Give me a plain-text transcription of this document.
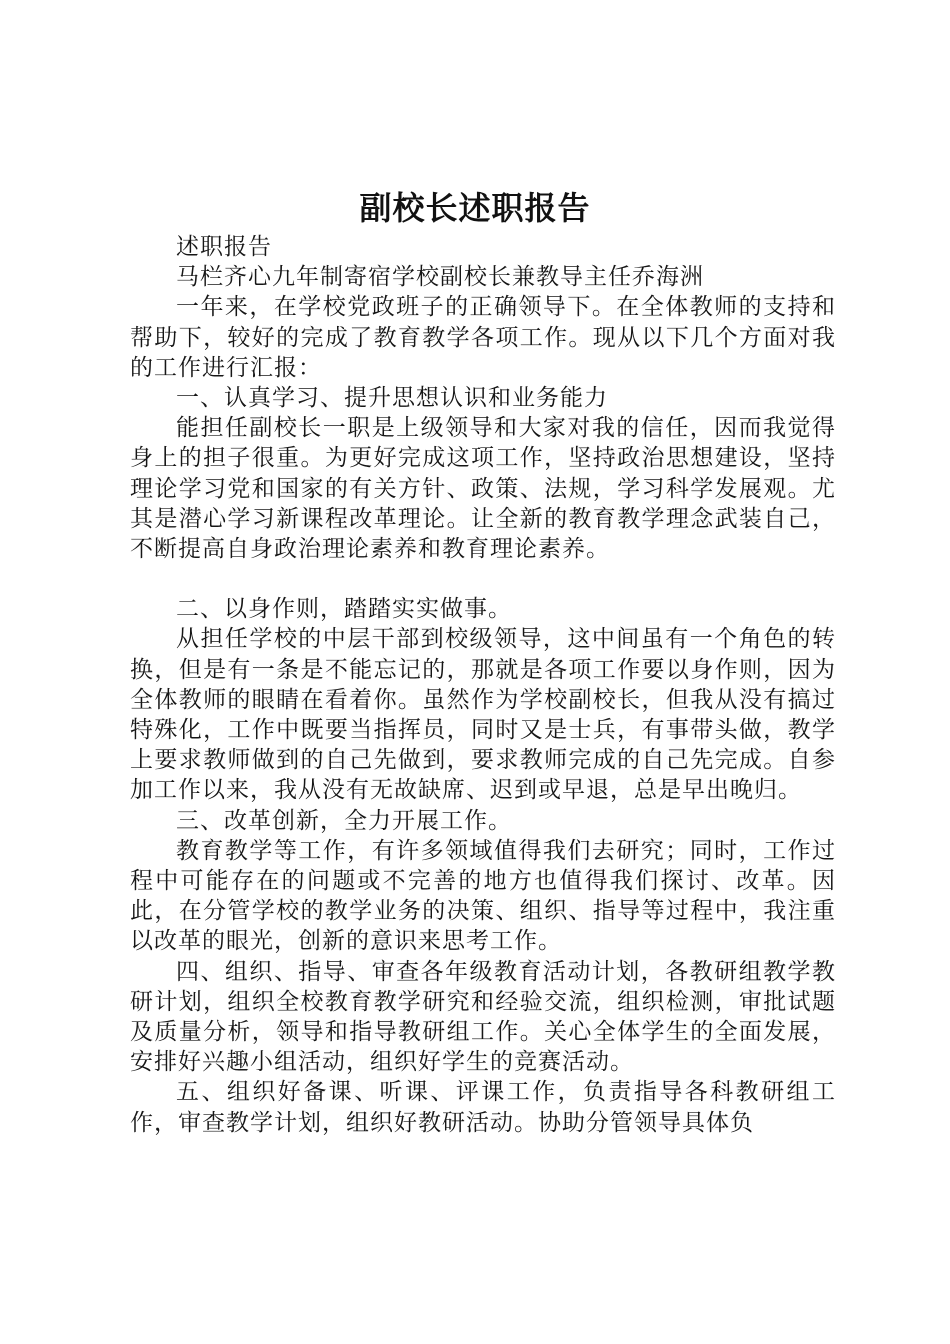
副校长述职报告

述职报告

马栏齐心九年制寄宿学校副校长兼教导主任乔海洲

一年来，在学校党政班子的正确领导下。在全体教师的支持和帮助下，较好的完成了教育教学各项工作。现从以下几个方面对我的工作进行汇报：

一、认真学习、提升思想认识和业务能力

能担任副校长一职是上级领导和大家对我的信任，因而我觉得身上的担子很重。为更好完成这项工作，坚持政治思想建设，坚持理论学习党和国家的有关方针、政策、法规，学习科学发展观。尤其是潜心学习新课程改革理论。让全新的教育教学理念武装自己，不断提高自身政治理论素养和教育理论素养。

二、以身作则，踏踏实实做事。

从担任学校的中层干部到校级领导，这中间虽有一个角色的转换，但是有一条是不能忘记的，那就是各项工作要以身作则，因为全体教师的眼睛在看着你。虽然作为学校副校长，但我从没有搞过特殊化，工作中既要当指挥员，同时又是士兵，有事带头做，教学上要求教师做到的自己先做到，要求教师完成的自己先完成。自参加工作以来，我从没有无故缺席、迟到或早退，总是早出晚归。

三、改革创新，全力开展工作。

教育教学等工作，有许多领域值得我们去研究；同时，工作过程中可能存在的问题或不完善的地方也值得我们探讨、改革。因此，在分管学校的教学业务的决策、组织、指导等过程中，我注重以改革的眼光，创新的意识来思考工作。

四、组织、指导、审查各年级教育活动计划，各教研组教学教研计划，组织全校教育教学研究和经验交流，组织检测，审批试题及质量分析，领导和指导教研组工作。关心全体学生的全面发展，安排好兴趣小组活动，组织好学生的竞赛活动。

五、组织好备课、听课、评课工作，负责指导各科教研组工作，审查教学计划，组织好教研活动。协助分管领导具体负
